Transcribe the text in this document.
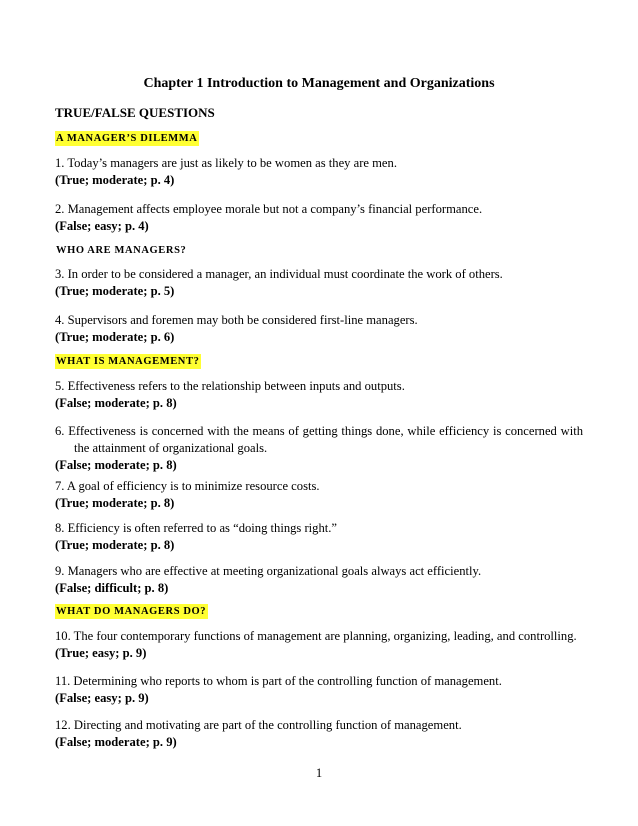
Chapter 1 Introduction to Management and Organizations
TRUE/FALSE QUESTIONS
A MANAGER’S DILEMMA
1. Today’s managers are just as likely to be women as they are men.
(True; moderate; p. 4)
2. Management affects employee morale but not a company’s financial performance.
(False; easy; p. 4)
WHO ARE MANAGERS?
3. In order to be considered a manager, an individual must coordinate the work of others.
(True; moderate; p. 5)
4. Supervisors and foremen may both be considered first-line managers.
(True; moderate; p. 6)
WHAT IS MANAGEMENT?
5. Effectiveness refers to the relationship between inputs and outputs.
(False; moderate; p. 8)
6. Effectiveness is concerned with the means of getting things done, while efficiency is concerned with the attainment of organizational goals.
(False; moderate; p. 8)
7. A goal of efficiency is to minimize resource costs.
(True; moderate; p. 8)
8. Efficiency is often referred to as “doing things right.”
(True; moderate; p. 8)
9. Managers who are effective at meeting organizational goals always act efficiently.
(False; difficult; p. 8)
WHAT DO MANAGERS DO?
10. The four contemporary functions of management are planning, organizing, leading, and controlling.
(True; easy; p. 9)
11. Determining who reports to whom is part of the controlling function of management.
(False; easy; p. 9)
12. Directing and motivating are part of the controlling function of management.
(False; moderate; p. 9)
1
